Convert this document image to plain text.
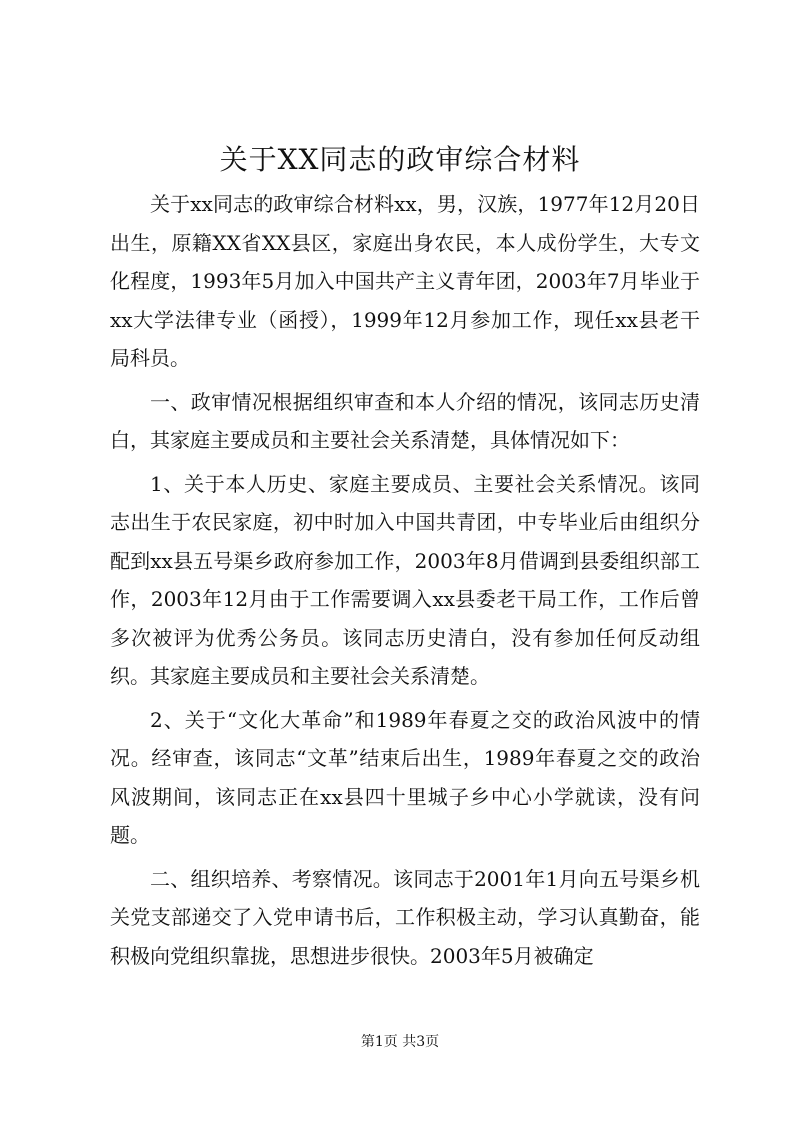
关于XX同志的政审综合材料

关于xx同志的政审综合材料xx，男，汉族，1977年12月20日出生，原籍XX省XX县区，家庭出身农民，本人成份学生，大专文化程度，1993年5月加入中国共产主义青年团，2003年7月毕业于xx大学法律专业（函授），1999年12月参加工作，现任xx县老干局科员。

一、政审情况根据组织审查和本人介绍的情况，该同志历史清白，其家庭主要成员和主要社会关系清楚，具体情况如下：

1、关于本人历史、家庭主要成员、主要社会关系情况。该同志出生于农民家庭，初中时加入中国共青团，中专毕业后由组织分配到xx县五号渠乡政府参加工作，2003年8月借调到县委组织部工作，2003年12月由于工作需要调入xx县委老干局工作，工作后曾多次被评为优秀公务员。该同志历史清白，没有参加任何反动组织。其家庭主要成员和主要社会关系清楚。

2、关于“文化大革命”和1989年春夏之交的政治风波中的情况。经审查，该同志“文革”结束后出生，1989年春夏之交的政治风波期间，该同志正在xx县四十里城子乡中心小学就读，没有问题。

二、组织培养、考察情况。该同志于2001年1月向五号渠乡机关党支部递交了入党申请书后，工作积极主动，学习认真勤奋，能积极向党组织靠拢，思想进步很快。2003年5月被确定

第1页 共3页
